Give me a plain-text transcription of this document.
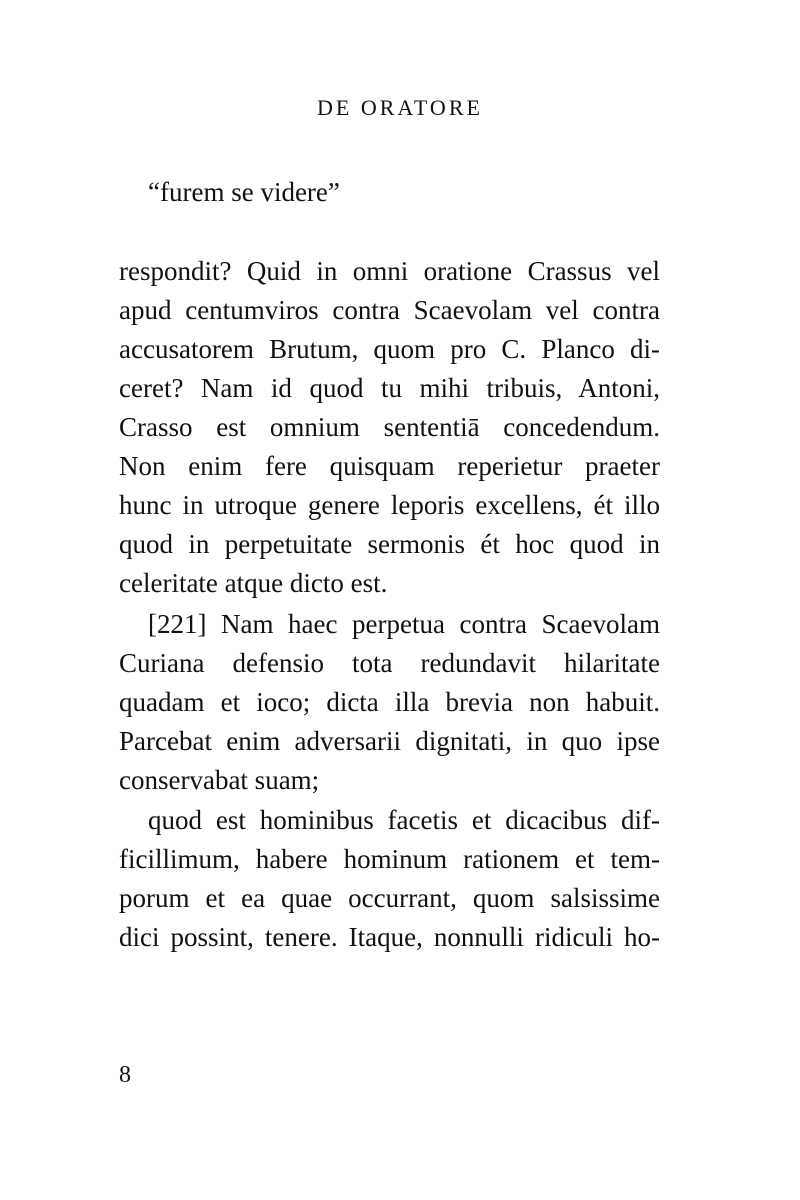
DE ORATORE
“furem se videre”
respondit? Quid in omni oratione Crassus vel
apud centumviros contra Scaevolam vel contra
accusatorem Brutum, quom pro C. Planco di-
ceret? Nam id quod tu mihi tribuis, Antoni,
Crasso est omnium sententiā concedendum.
Non enim fere quisquam reperietur praeter
hunc in utroque genere leporis excellens, ét illo
quod in perpetuitate sermonis ét hoc quod in
celeritate atque dicto est.
[221] Nam haec perpetua contra Scaevolam
Curiana defensio tota redundavit hilaritate
quadam et ioco; dicta illa brevia non habuit.
Parcebat enim adversarii dignitati, in quo ipse
conservabat suam;
quod est hominibus facetis et dicacibus dif-
ficillimum, habere hominum rationem et tem-
porum et ea quae occurrant, quom salsissime
dici possint, tenere. Itaque, nonnulli ridiculi ho-
8
